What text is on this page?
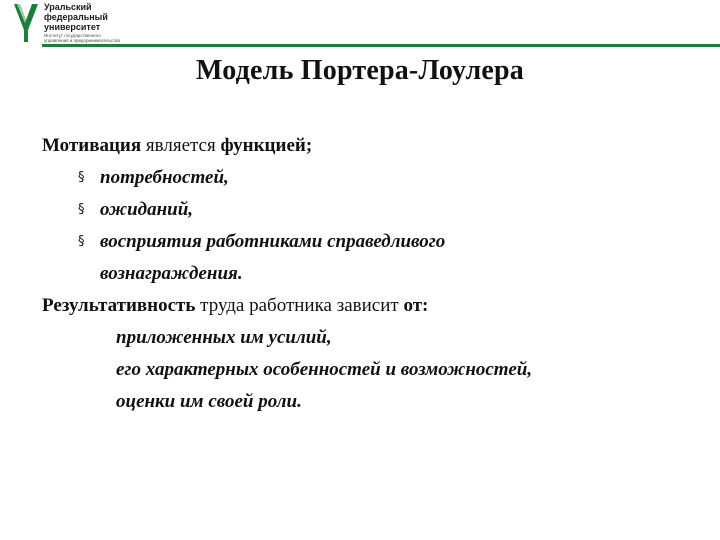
Уральский
федеральный
университет
Институт государственного
управления и предпринимательства
Модель Портера-Лоулера

Мотивация является функцией;

§ потребностей,
§ ожиданий,
§ восприятия работниками справедливого
вознаграждения.

Результативность труда работника зависит от:

приложенных им усилий,
его характерных особенностей и возможностей,
оценки им своей роли.
